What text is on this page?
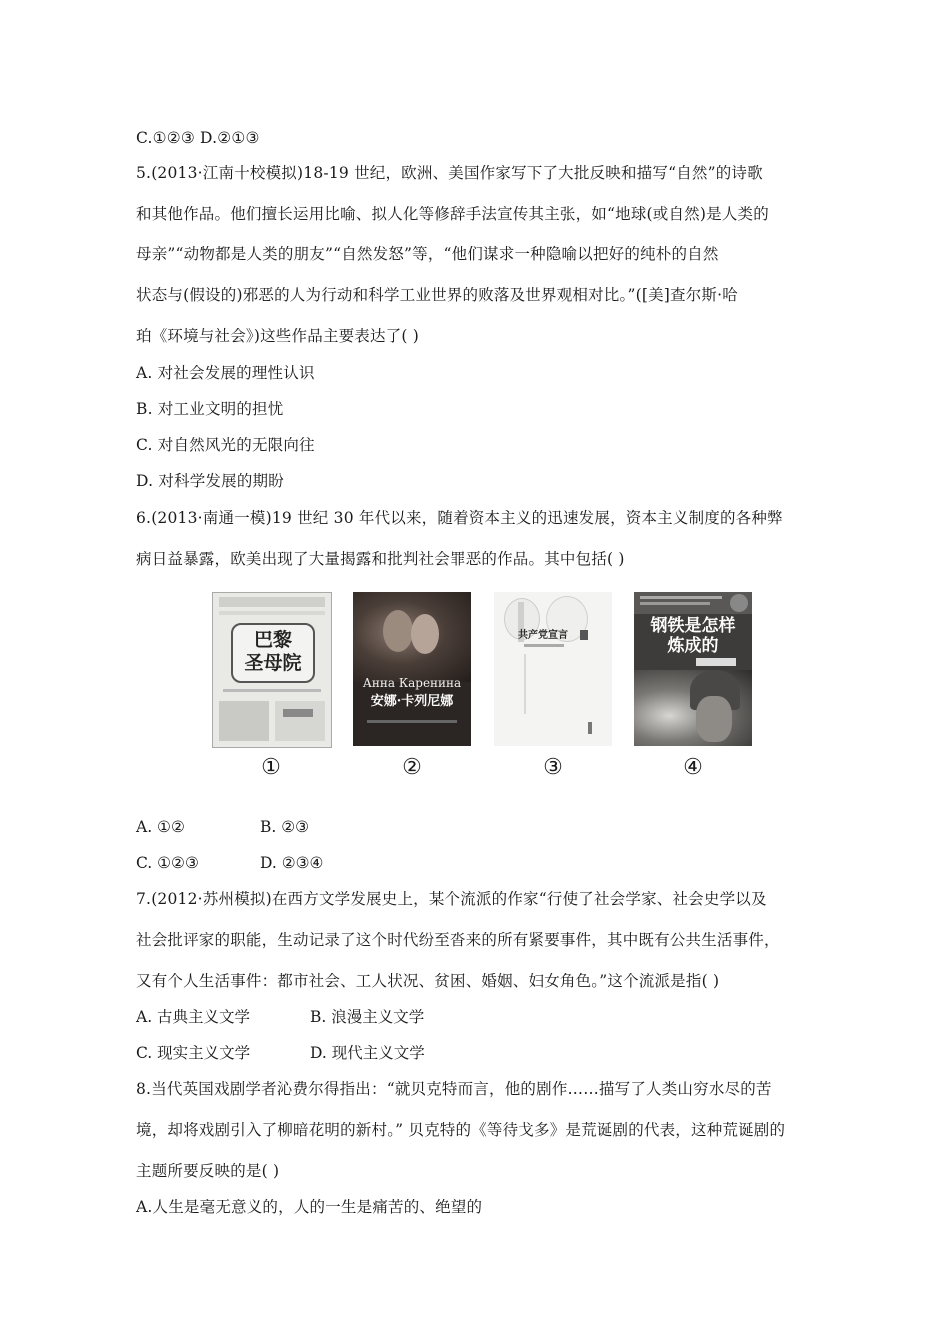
C.①②③ D.②①③
5.(2013·江南十校模拟)18-19 世纪，欧洲、美国作家写下了大批反映和描写“自然”的诗歌
和其他作品。他们擅长运用比喻、拟人化等修辞手法宣传其主张，如“地球(或自然)是人类的
母亲”“动物都是人类的朋友”“自然发怒”等，“他们谋求一种隐喻以把好的纯朴的自然
状态与(假设的)邪恶的人为行动和科学工业世界的败落及世界观相对比。”([美]查尔斯·哈
珀《环境与社会》)这些作品主要表达了( )
A. 对社会发展的理性认识
B. 对工业文明的担忧
C. 对自然风光的无限向往
D. 对科学发展的期盼
6.(2013·南通一模)19 世纪 30 年代以来，随着资本主义的迅速发展，资本主义制度的各种弊
病日益暴露，欧美出现了大量揭露和批判社会罪恶的作品。其中包括( )
巴黎
圣母院
①
Анна Каренина
安娜·卡列尼娜
②
共产党宣言
③
钢铁是怎样
炼成的
④
A. ①②	B. ②③
C. ①②③	D. ②③④
7.(2012·苏州模拟)在西方文学发展史上，某个流派的作家“行使了社会学家、社会史学以及
社会批评家的职能，生动记录了这个时代纷至沓来的所有紧要事件，其中既有公共生活事件，
又有个人生活事件：都市社会、工人状况、贫困、婚姻、妇女角色。”这个流派是指( )
A. 古典主义文学	B. 浪漫主义文学
C. 现实主义文学	D. 现代主义文学
8.当代英国戏剧学者沁费尔得指出：“就贝克特而言，他的剧作……描写了人类山穷水尽的苦
境，却将戏剧引入了柳暗花明的新村。” 贝克特的《等待戈多》是荒诞剧的代表，这种荒诞剧的
主题所要反映的是( )
A.人生是毫无意义的，人的一生是痛苦的、绝望的
